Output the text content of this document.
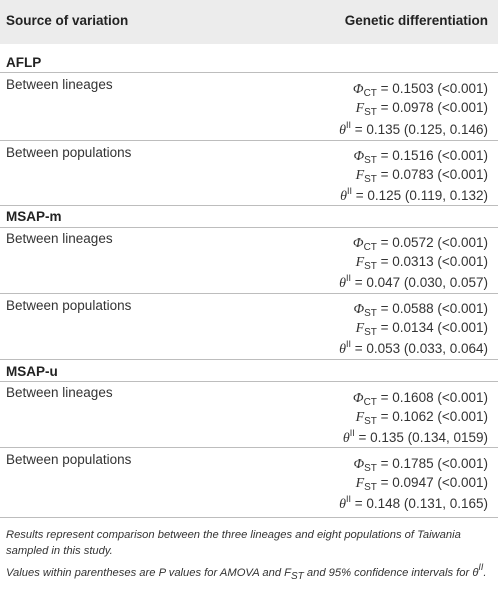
Source of variation	Genetic differentiation
AFLP
Between lineages	$\Phi_{CT} = 0.1503$ (<0.001)
$F_{ST} = 0.0978$ (<0.001)
$\theta^{II} = 0.135$ (0.125, 0.146)
Between populations	$\Phi_{ST} = 0.1516$ (<0.001)
$F_{ST} = 0.0783$ (<0.001)
$\theta^{II} = 0.125$ (0.119, 0.132)
MSAP-m
Between lineages	$\Phi_{CT} = 0.0572$ (<0.001)
$F_{ST} = 0.0313$ (<0.001)
$\theta^{II} = 0.047$ (0.030, 0.057)
Between populations	$\Phi_{ST} = 0.0588$ (<0.001)
$F_{ST} = 0.0134$ (<0.001)
$\theta^{II} = 0.053$ (0.033, 0.064)
MSAP-u
Between lineages	$\Phi_{CT} = 0.1608$ (<0.001)
$F_{ST} = 0.1062$ (<0.001)
$\theta^{II} = 0.135$ (0.134, 0159)
Between populations	$\Phi_{ST} = 0.1785$ (<0.001)
$F_{ST} = 0.0947$ (<0.001)
$\theta^{II} = 0.148$ (0.131, 0.165)

Results represent comparison between the three lineages and eight populations of Taiwania sampled in this study.

Values within parentheses are P values for AMOVA and FST and 95% confidence intervals for $\theta^{II}$.
